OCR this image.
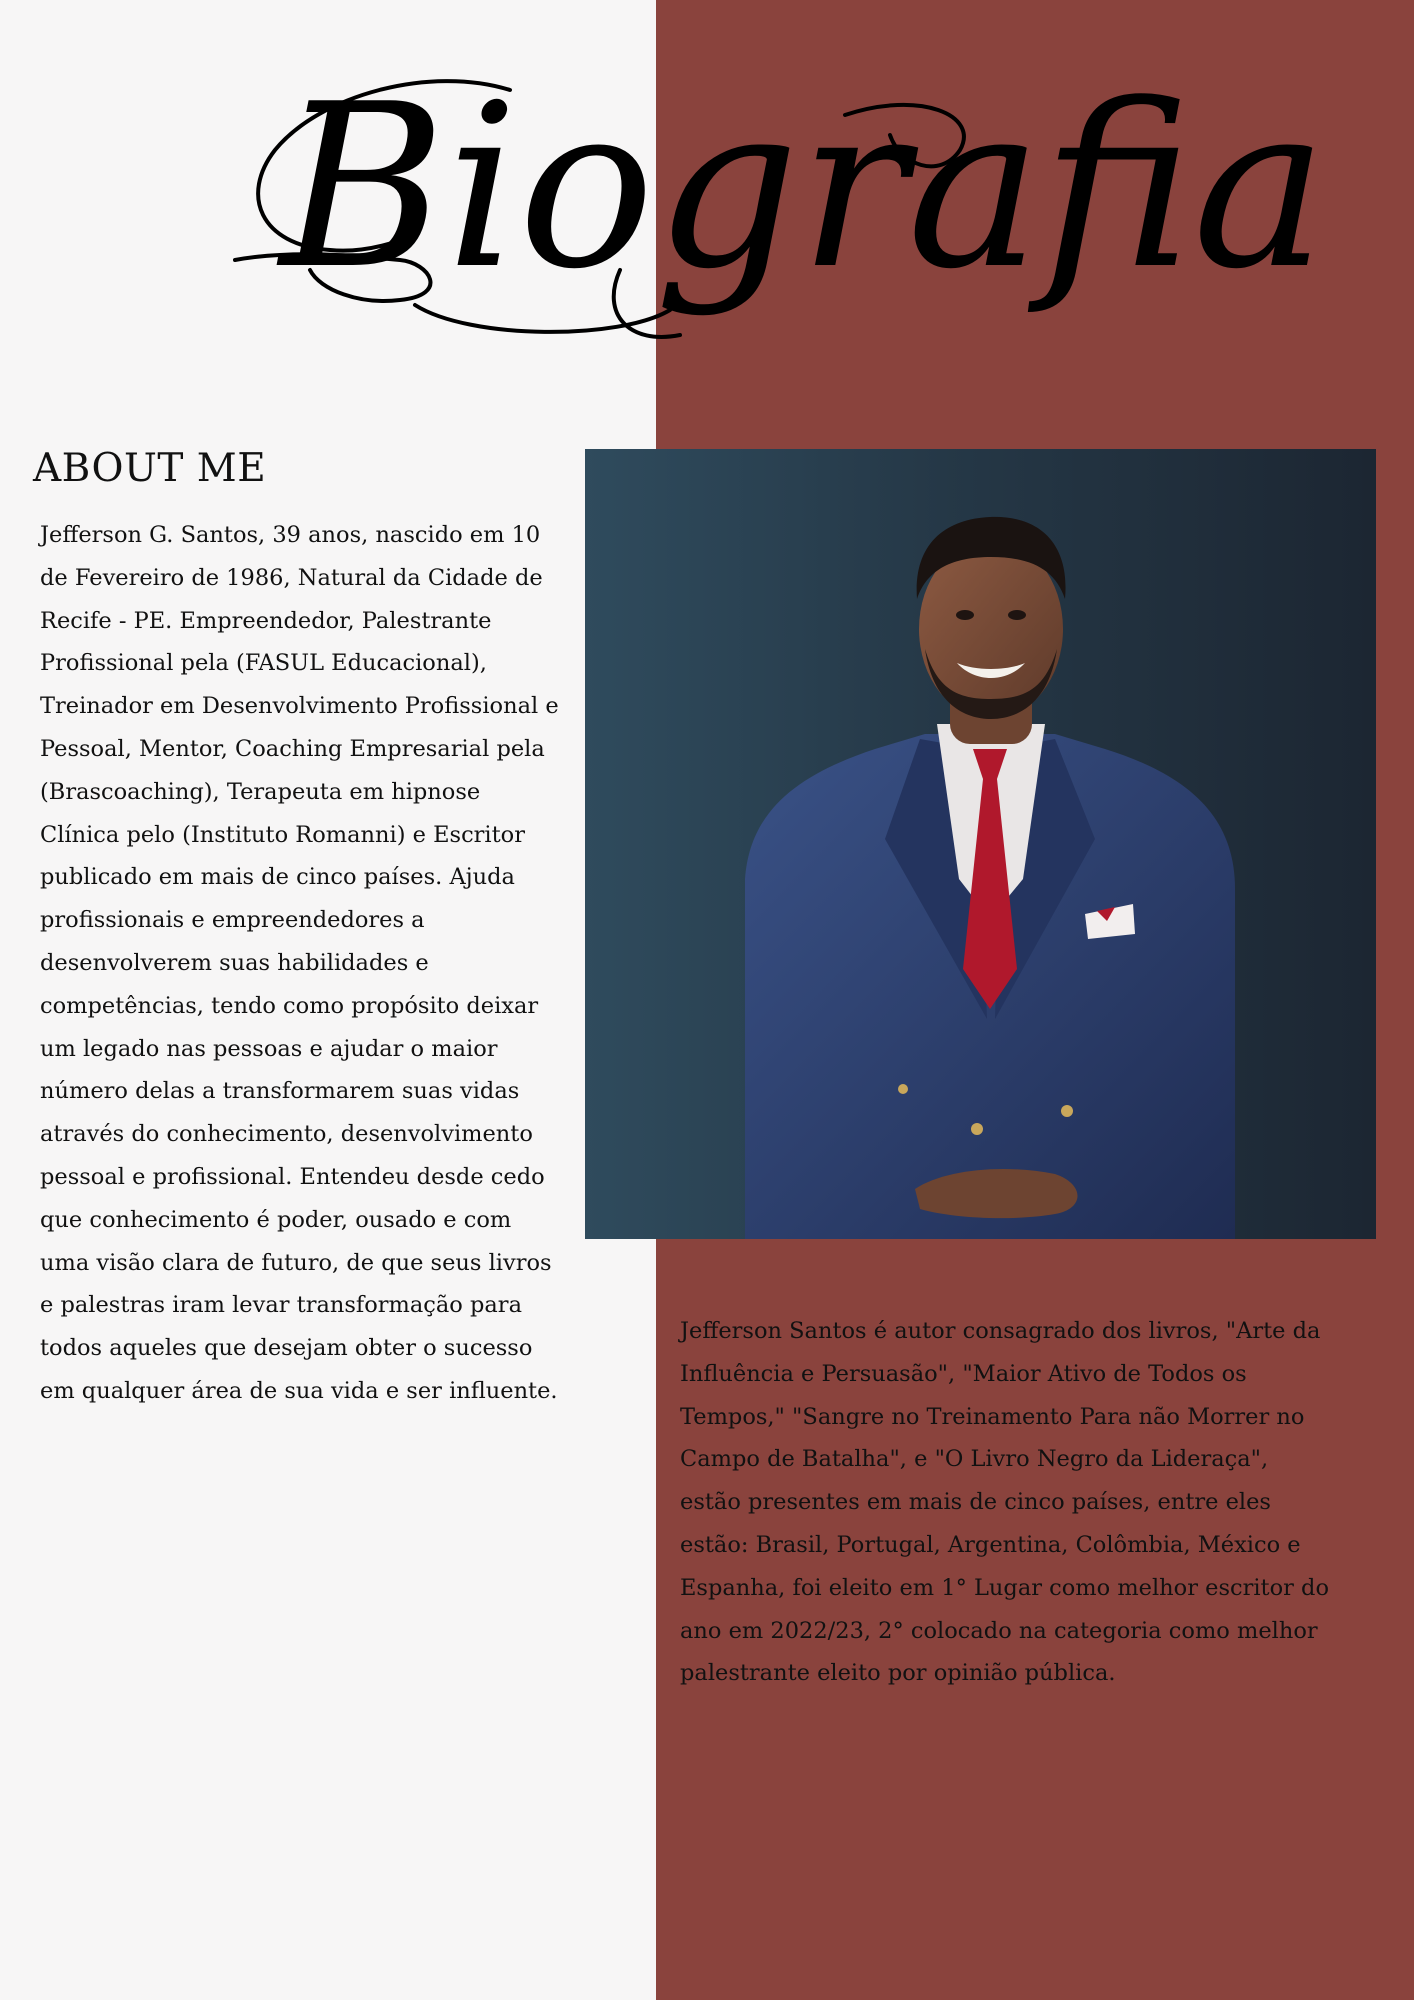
Biografia
ABOUT ME

Jefferson G. Santos, 39 anos, nascido em 10 de Fevereiro de 1986, Natural da Cidade de Recife - PE. Empreendedor, Palestrante Profissional pela (FASUL Educacional), Treinador em Desenvolvimento Profissional e Pessoal, Mentor, Coaching Empresarial pela (Brascoaching), Terapeuta em hipnose Clínica pelo (Instituto Romanni) e Escritor publicado em mais de cinco países. Ajuda profissionais e empreendedores a desenvolverem suas habilidades e competências, tendo como propósito deixar um legado nas pessoas e ajudar o maior número delas a transformarem suas vidas através do conhecimento, desenvolvimento pessoal e profissional. Entendeu desde cedo que conhecimento é poder, ousado e com uma visão clara de futuro, de que seus livros e palestras iram levar transformação para todos aqueles que desejam obter o sucesso em qualquer área de sua vida e ser influente.

Jefferson Santos é autor consagrado dos livros, "Arte da Influência e Persuasão", "Maior Ativo de Todos os Tempos," "Sangre no Treinamento Para não Morrer no Campo de Batalha", e "O Livro Negro da Lideraça", estão presentes em mais de cinco países, entre eles estão: Brasil, Portugal, Argentina, Colômbia, México e Espanha, foi eleito em 1° Lugar como melhor escritor do ano em 2022/23, 2° colocado na categoria como melhor palestrante eleito por opinião pública.
